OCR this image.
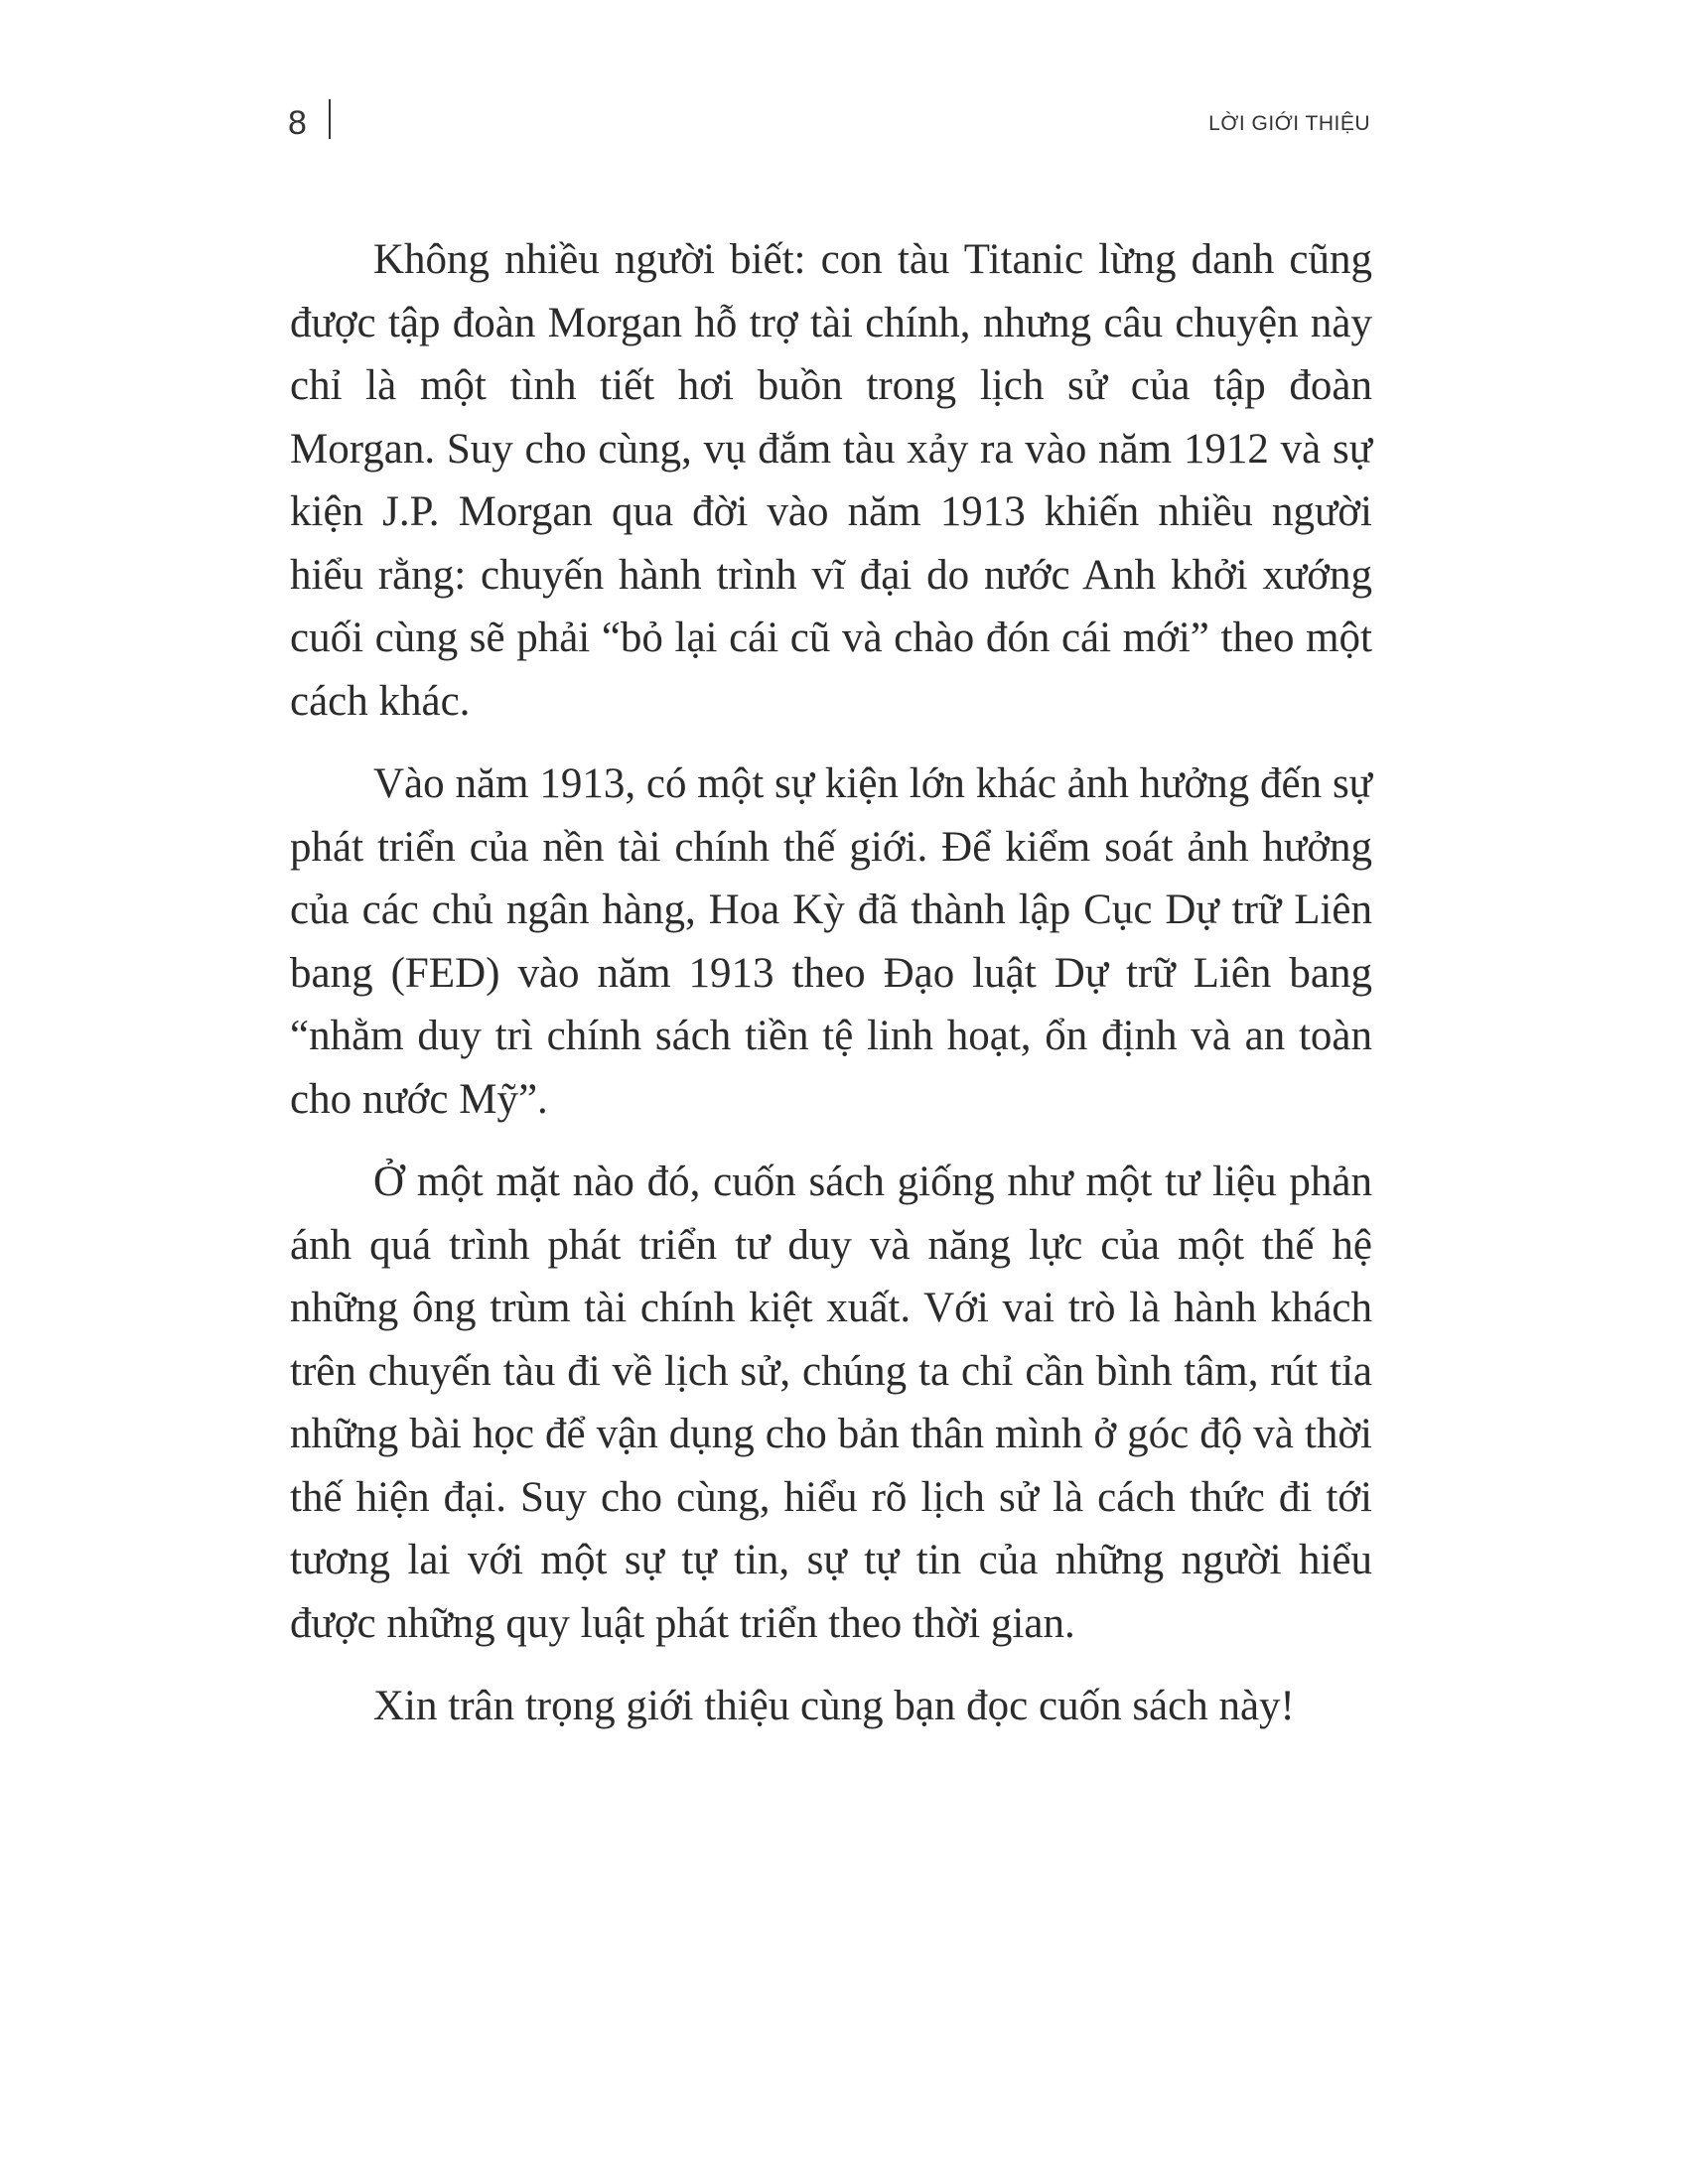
8	LỜI GIỚI THIỆU

Không nhiều người biết: con tàu Titanic lừng danh cũng được tập đoàn Morgan hỗ trợ tài chính, nhưng câu chuyện này chỉ là một tình tiết hơi buồn trong lịch sử của tập đoàn Morgan. Suy cho cùng, vụ đắm tàu xảy ra vào năm 1912 và sự kiện J.P. Morgan qua đời vào năm 1913 khiến nhiều người hiểu rằng: chuyến hành trình vĩ đại do nước Anh khởi xướng cuối cùng sẽ phải “bỏ lại cái cũ và chào đón cái mới” theo một cách khác.

Vào năm 1913, có một sự kiện lớn khác ảnh hưởng đến sự phát triển của nền tài chính thế giới. Để kiểm soát ảnh hưởng của các chủ ngân hàng, Hoa Kỳ đã thành lập Cục Dự trữ Liên bang (FED) vào năm 1913 theo Đạo luật Dự trữ Liên bang “nhằm duy trì chính sách tiền tệ linh hoạt, ổn định và an toàn cho nước Mỹ”.

Ở một mặt nào đó, cuốn sách giống như một tư liệu phản ánh quá trình phát triển tư duy và năng lực của một thế hệ những ông trùm tài chính kiệt xuất. Với vai trò là hành khách trên chuyến tàu đi về lịch sử, chúng ta chỉ cần bình tâm, rút tỉa những bài học để vận dụng cho bản thân mình ở góc độ và thời thế hiện đại. Suy cho cùng, hiểu rõ lịch sử là cách thức đi tới tương lai với một sự tự tin, sự tự tin của những người hiểu được những quy luật phát triển theo thời gian.

Xin trân trọng giới thiệu cùng bạn đọc cuốn sách này!
